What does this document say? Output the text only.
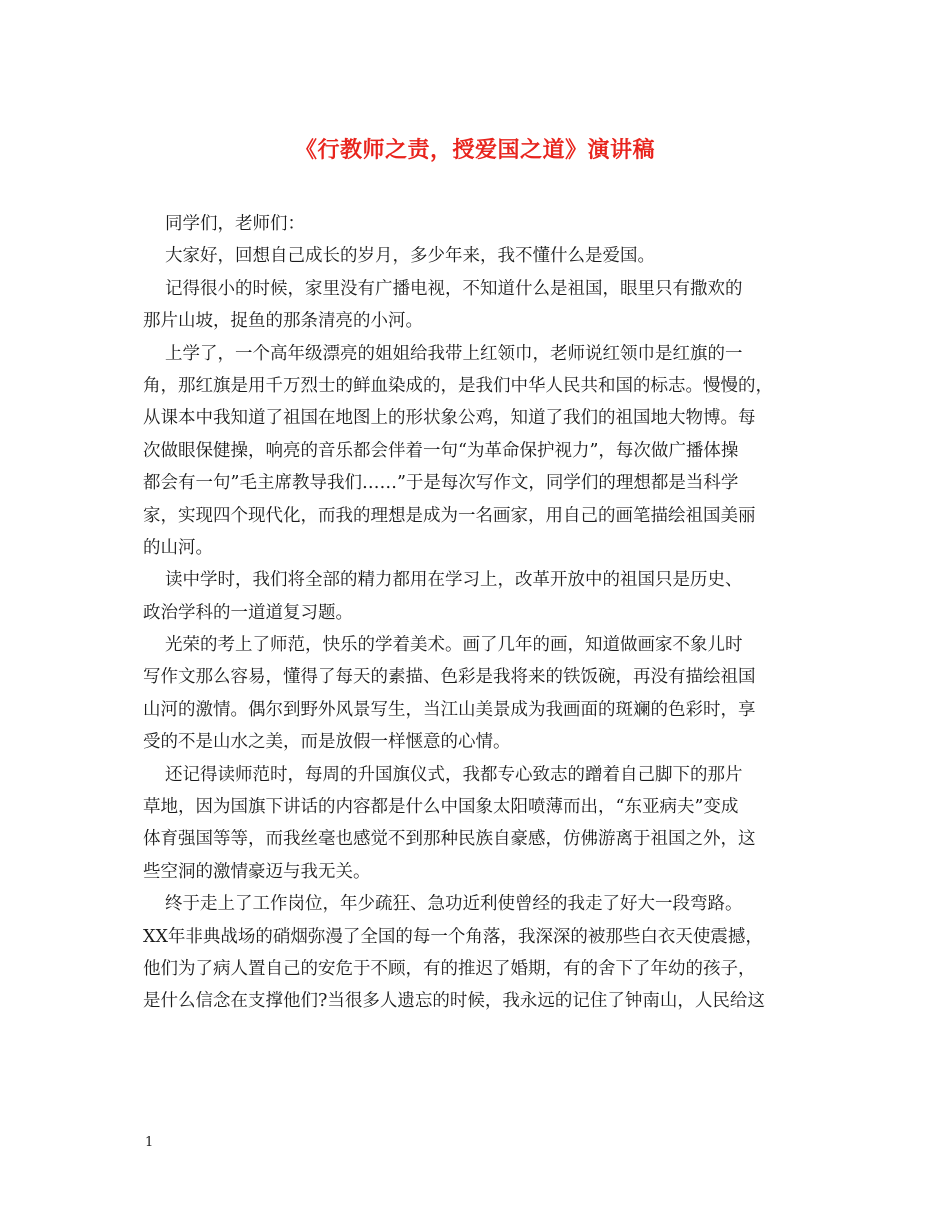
《行教师之责，授爱国之道》演讲稿
同学们，老师们：
大家好，回想自己成长的岁月，多少年来，我不懂什么是爱国。
记得很小的时候，家里没有广播电视，不知道什么是祖国，眼里只有撒欢的
那片山坡，捉鱼的那条清亮的小河。
上学了，一个高年级漂亮的姐姐给我带上红领巾，老师说红领巾是红旗的一
角，那红旗是用千万烈士的鲜血染成的，是我们中华人民共和国的标志。慢慢的，
从课本中我知道了祖国在地图上的形状象公鸡，知道了我们的祖国地大物博。每
次做眼保健操，响亮的音乐都会伴着一句“为革命保护视力”，每次做广播体操
都会有一句”毛主席教导我们……”于是每次写作文，同学们的理想都是当科学
家，实现四个现代化，而我的理想是成为一名画家，用自己的画笔描绘祖国美丽
的山河。
读中学时，我们将全部的精力都用在学习上，改革开放中的祖国只是历史、
政治学科的一道道复习题。
光荣的考上了师范，快乐的学着美术。画了几年的画，知道做画家不象儿时
写作文那么容易，懂得了每天的素描、色彩是我将来的铁饭碗，再没有描绘祖国
山河的激情。偶尔到野外风景写生，当江山美景成为我画面的斑斓的色彩时，享
受的不是山水之美，而是放假一样惬意的心情。
还记得读师范时，每周的升国旗仪式，我都专心致志的蹭着自己脚下的那片
草地，因为国旗下讲话的内容都是什么中国象太阳喷薄而出，“东亚病夫”变成
体育强国等等，而我丝毫也感觉不到那种民族自豪感，仿佛游离于祖国之外，这
些空洞的激情豪迈与我无关。
终于走上了工作岗位，年少疏狂、急功近利使曾经的我走了好大一段弯路。
XX年非典战场的硝烟弥漫了全国的每一个角落，我深深的被那些白衣天使震撼，
他们为了病人置自己的安危于不顾，有的推迟了婚期，有的舍下了年幼的孩子，
是什么信念在支撑他们?当很多人遗忘的时候，我永远的记住了钟南山，人民给这
1
